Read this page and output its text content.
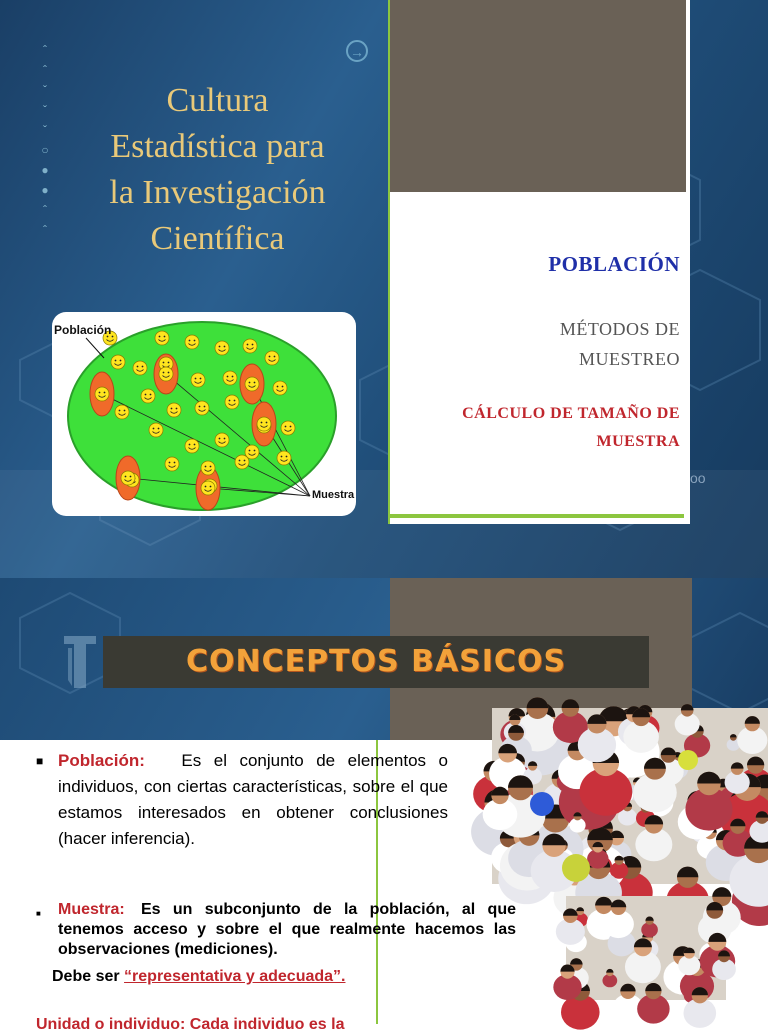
ˆ
ˆ
ˇ
ˇ
ˇ
○
●
●
ˆ
ˆ
→
Cultura
Estadística para
la Investigación
Científica
Población
Muestra
POBLACIÓN
MÉTODOS DE MUESTREO
CÁLCULO DE TAMAÑO DE MUESTRA
oo
CONCEPTOS BÁSICOS
■ Población: Es el conjunto de elementos o individuos, con ciertas características, sobre el que estamos interesados en obtener conclusiones (hacer inferencia).

■ Muestra: Es un subconjunto de la población, al que tenemos acceso y sobre el que realmente hacemos las observaciones (mediciones).

Debe ser “representativa y adecuada”.
Unidad o individuo: Cada individuo es la
